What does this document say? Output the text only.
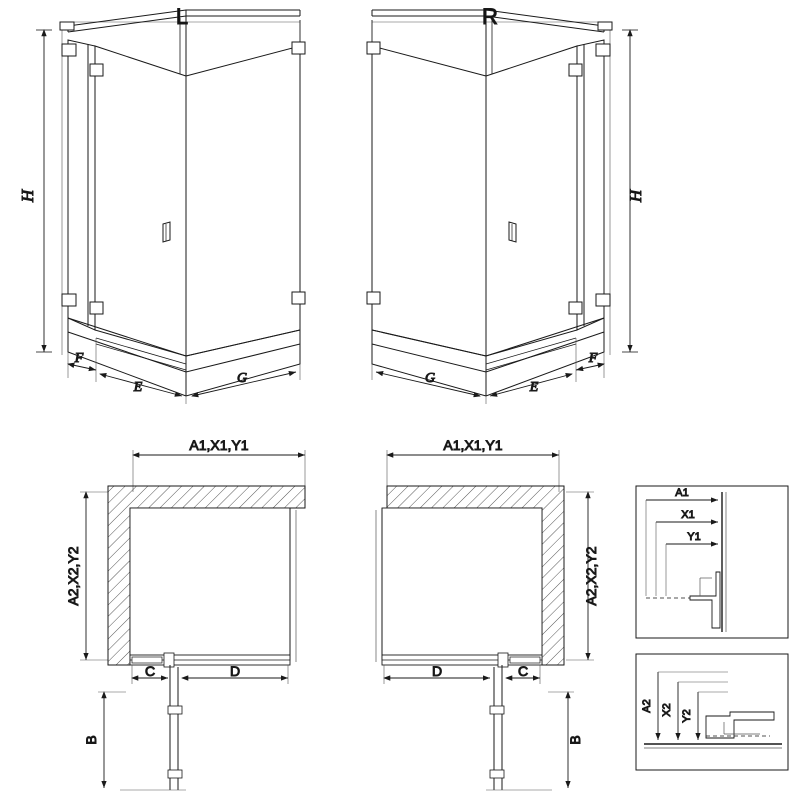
H
F
E
G
L
H
F
E
G
R
A1,X1,Y1
A2,X2,Y2
C	D
B
A1,X1,Y1
A2,X2,Y2
D	C
B
A1
X1
Y1
A2 X2 Y2
